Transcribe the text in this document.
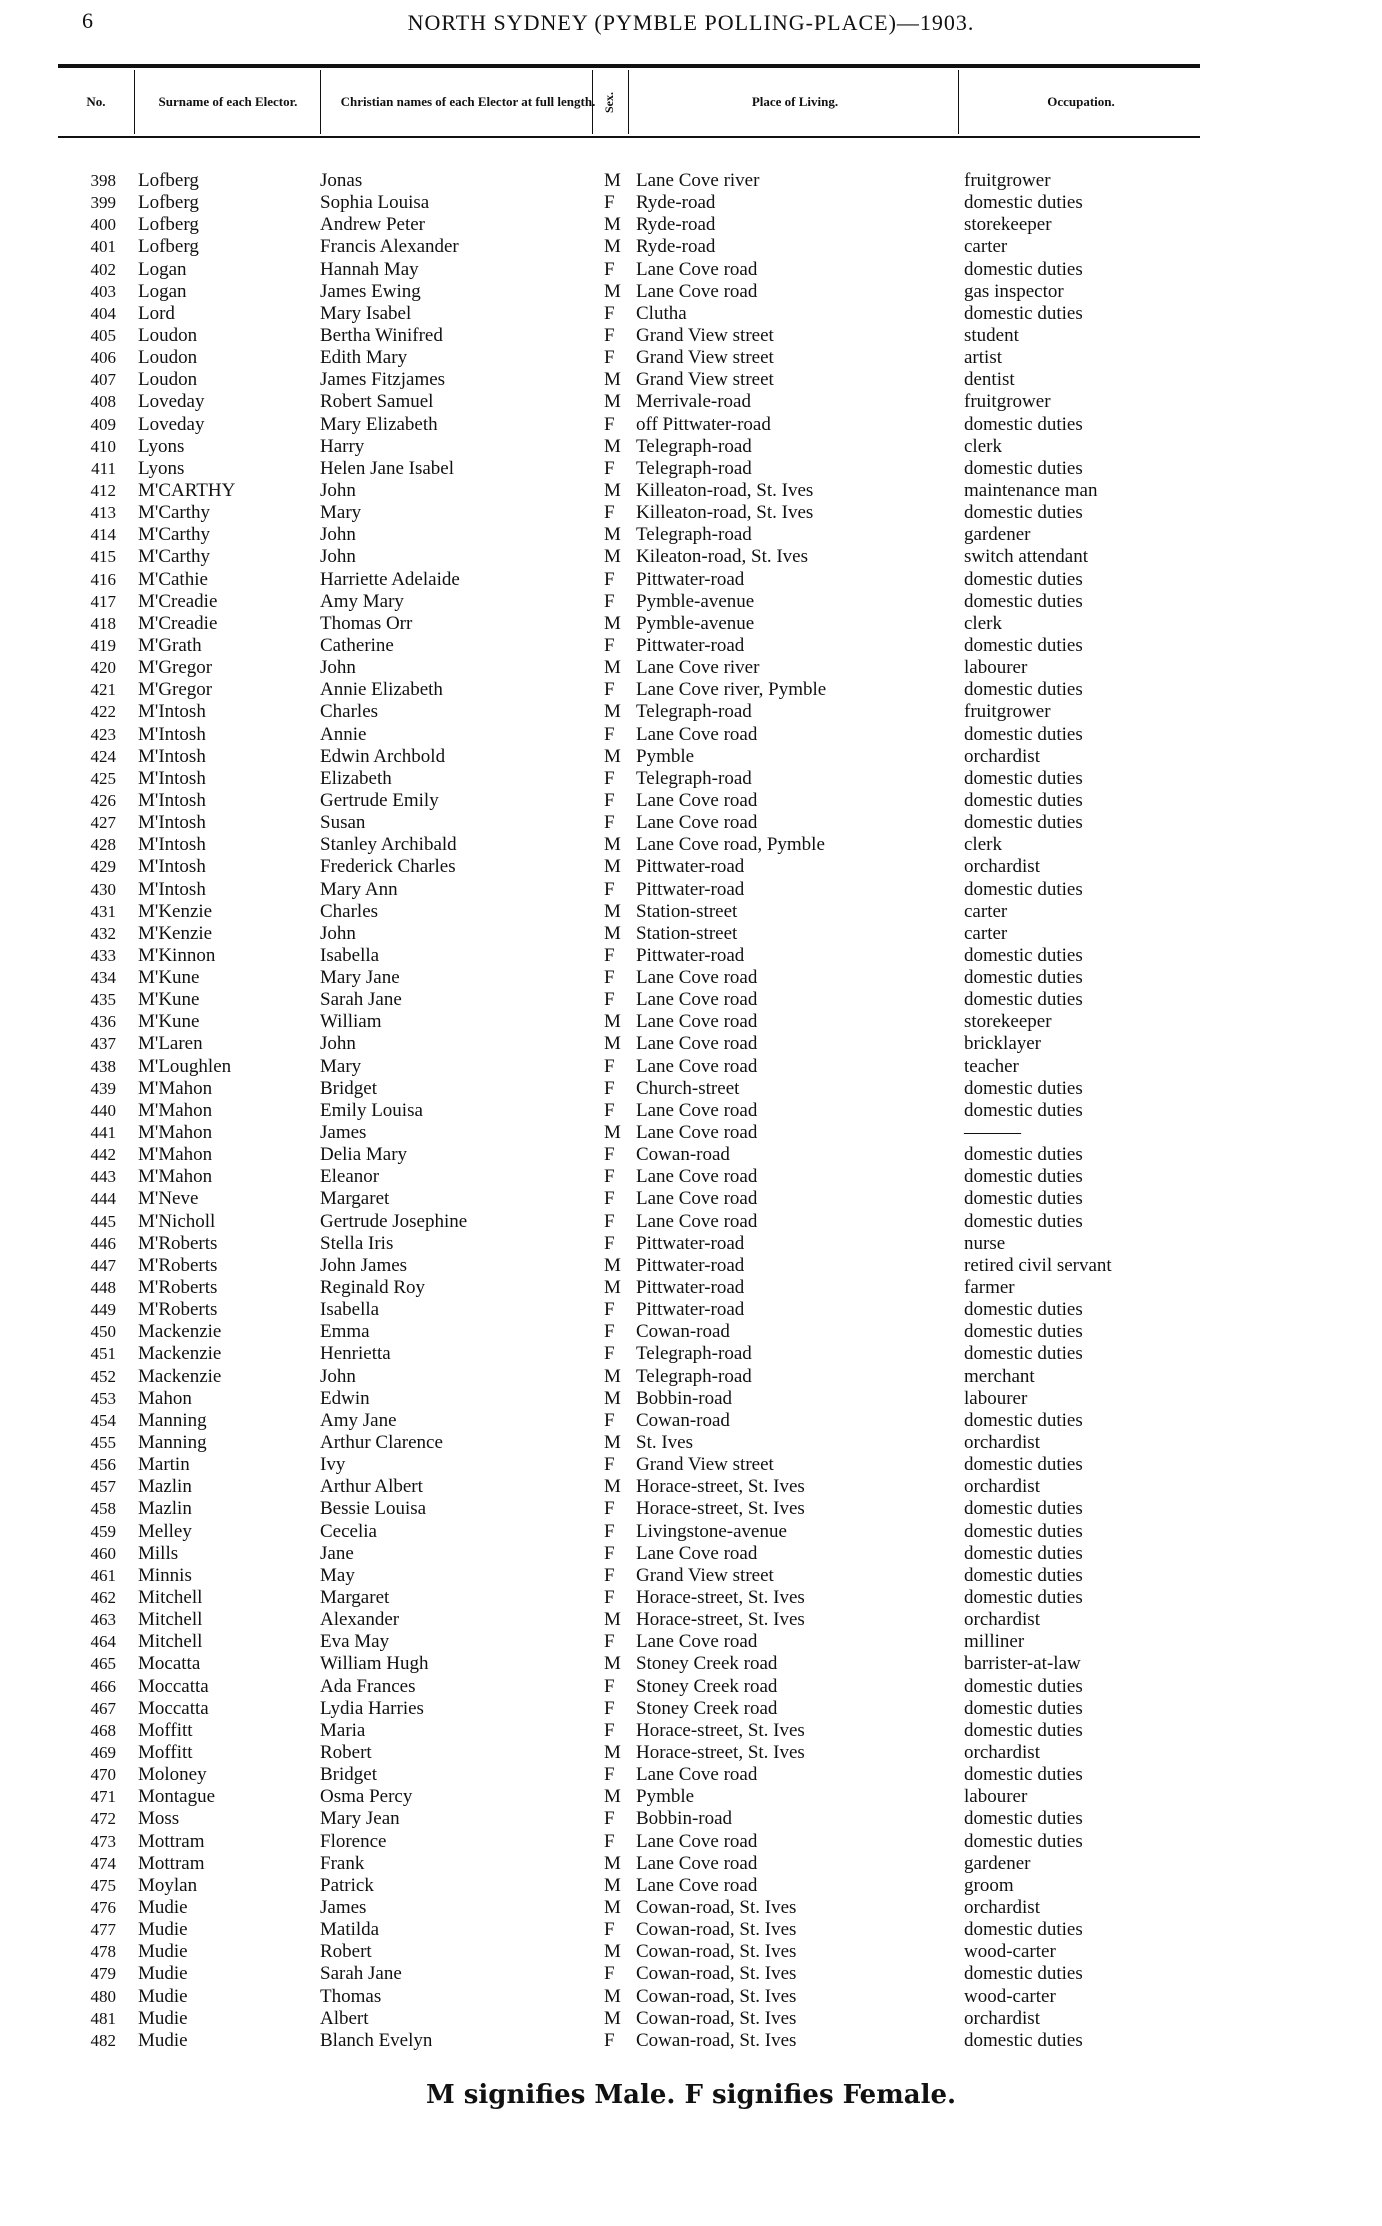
6	NORTH SYDNEY (PYMBLE POLLING-PLACE)—1903.
No.	Surname of each Elector.	Christian names of each Elector at full length. Sex.	Place of Living.	Occupation.
398 Lofberg	Jonas	M Lane Cove river	fruitgrower
399 Lofberg	Sophia Louisa	F Ryde-road	domestic duties
400 Lofberg	Andrew Peter	M Ryde-road	storekeeper
401 Lofberg	Francis Alexander	M Ryde-road	carter
402 Logan	Hannah May	F Lane Cove road	domestic duties
403 Logan	James Ewing	M Lane Cove road	gas inspector
404 Lord	Mary Isabel	F Clutha	domestic duties
405 Loudon	Bertha Winifred	F Grand View street	student
406 Loudon	Edith Mary	F Grand View street	artist
407 Loudon	James Fitzjames	M Grand View street	dentist
408 Loveday	Robert Samuel	M Merrivale-road	fruitgrower
409 Loveday	Mary Elizabeth	F off Pittwater-road	domestic duties
410 Lyons	Harry	M Telegraph-road	clerk
411 Lyons	Helen Jane Isabel	F Telegraph-road	domestic duties
412 M'CARTHY	John	M Killeaton-road, St. Ives	maintenance man
413 M'Carthy	Mary	F Killeaton-road, St. Ives	domestic duties
414 M'Carthy	John	M Telegraph-road	gardener
415 M'Carthy	John	M Kileaton-road, St. Ives	switch attendant
416 M'Cathie	Harriette Adelaide	F Pittwater-road	domestic duties
417 M'Creadie	Amy Mary	F Pymble-avenue	domestic duties
418 M'Creadie	Thomas Orr	M Pymble-avenue	clerk
419 M'Grath	Catherine	F Pittwater-road	domestic duties
420 M'Gregor	John	M Lane Cove river	labourer
421 M'Gregor	Annie Elizabeth	F Lane Cove river, Pymble	domestic duties
422 M'Intosh	Charles	M Telegraph-road	fruitgrower
423 M'Intosh	Annie	F Lane Cove road	domestic duties
424 M'Intosh	Edwin Archbold	M Pymble	orchardist
425 M'Intosh	Elizabeth	F Telegraph-road	domestic duties
426 M'Intosh	Gertrude Emily	F Lane Cove road	domestic duties
427 M'Intosh	Susan	F Lane Cove road	domestic duties
428 M'Intosh	Stanley Archibald	M Lane Cove road, Pymble	clerk
429 M'Intosh	Frederick Charles	M Pittwater-road	orchardist
430 M'Intosh	Mary Ann	F Pittwater-road	domestic duties
431 M'Kenzie	Charles	M Station-street	carter
432 M'Kenzie	John	M Station-street	carter
433 M'Kinnon	Isabella	F Pittwater-road	domestic duties
434 M'Kune	Mary Jane	F Lane Cove road	domestic duties
435 M'Kune	Sarah Jane	F Lane Cove road	domestic duties
436 M'Kune	William	M Lane Cove road	storekeeper
437 M'Laren	John	M Lane Cove road	bricklayer
438 M'Loughlen	Mary	F Lane Cove road	teacher
439 M'Mahon	Bridget	F Church-street	domestic duties
440 M'Mahon	Emily Louisa	F Lane Cove road	domestic duties
441 M'Mahon	James	M Lane Cove road	———
442 M'Mahon	Delia Mary	F Cowan-road	domestic duties
443 M'Mahon	Eleanor	F Lane Cove road	domestic duties
444 M'Neve	Margaret	F Lane Cove road	domestic duties
445 M'Nicholl	Gertrude Josephine	F Lane Cove road	domestic duties
446 M'Roberts	Stella Iris	F Pittwater-road	nurse
447 M'Roberts	John James	M Pittwater-road	retired civil servant
448 M'Roberts	Reginald Roy	M Pittwater-road	farmer
449 M'Roberts	Isabella	F Pittwater-road	domestic duties
450 Mackenzie	Emma	F Cowan-road	domestic duties
451 Mackenzie	Henrietta	F Telegraph-road	domestic duties
452 Mackenzie	John	M Telegraph-road	merchant
453 Mahon	Edwin	M Bobbin-road	labourer
454 Manning	Amy Jane	F Cowan-road	domestic duties
455 Manning	Arthur Clarence	M St. Ives	orchardist
456 Martin	Ivy	F Grand View street	domestic duties
457 Mazlin	Arthur Albert	M Horace-street, St. Ives	orchardist
458 Mazlin	Bessie Louisa	F Horace-street, St. Ives	domestic duties
459 Melley	Cecelia	F Livingstone-avenue	domestic duties
460 Mills	Jane	F Lane Cove road	domestic duties
461 Minnis	May	F Grand View street	domestic duties
462 Mitchell	Margaret	F Horace-street, St. Ives	domestic duties
463 Mitchell	Alexander	M Horace-street, St. Ives	orchardist
464 Mitchell	Eva May	F Lane Cove road	milliner
465 Mocatta	William Hugh	M Stoney Creek road	barrister-at-law
466 Moccatta	Ada Frances	F Stoney Creek road	domestic duties
467 Moccatta	Lydia Harries	F Stoney Creek road	domestic duties
468 Moffitt	Maria	F Horace-street, St. Ives	domestic duties
469 Moffitt	Robert	M Horace-street, St. Ives	orchardist
470 Moloney	Bridget	F Lane Cove road	domestic duties
471 Montague	Osma Percy	M Pymble	labourer
472 Moss	Mary Jean	F Bobbin-road	domestic duties
473 Mottram	Florence	F Lane Cove road	domestic duties
474 Mottram	Frank	M Lane Cove road	gardener
475 Moylan	Patrick	M Lane Cove road	groom
476 Mudie	James	M Cowan-road, St. Ives	orchardist
477 Mudie	Matilda	F Cowan-road, St. Ives	domestic duties
478 Mudie	Robert	M Cowan-road, St. Ives	wood-carter
479 Mudie	Sarah Jane	F Cowan-road, St. Ives	domestic duties
480 Mudie	Thomas	M Cowan-road, St. Ives	wood-carter
481 Mudie	Albert	M Cowan-road, St. Ives	orchardist
482 Mudie	Blanch Evelyn	F Cowan-road, St. Ives	domestic duties
M signifies Male. F signifies Female.
